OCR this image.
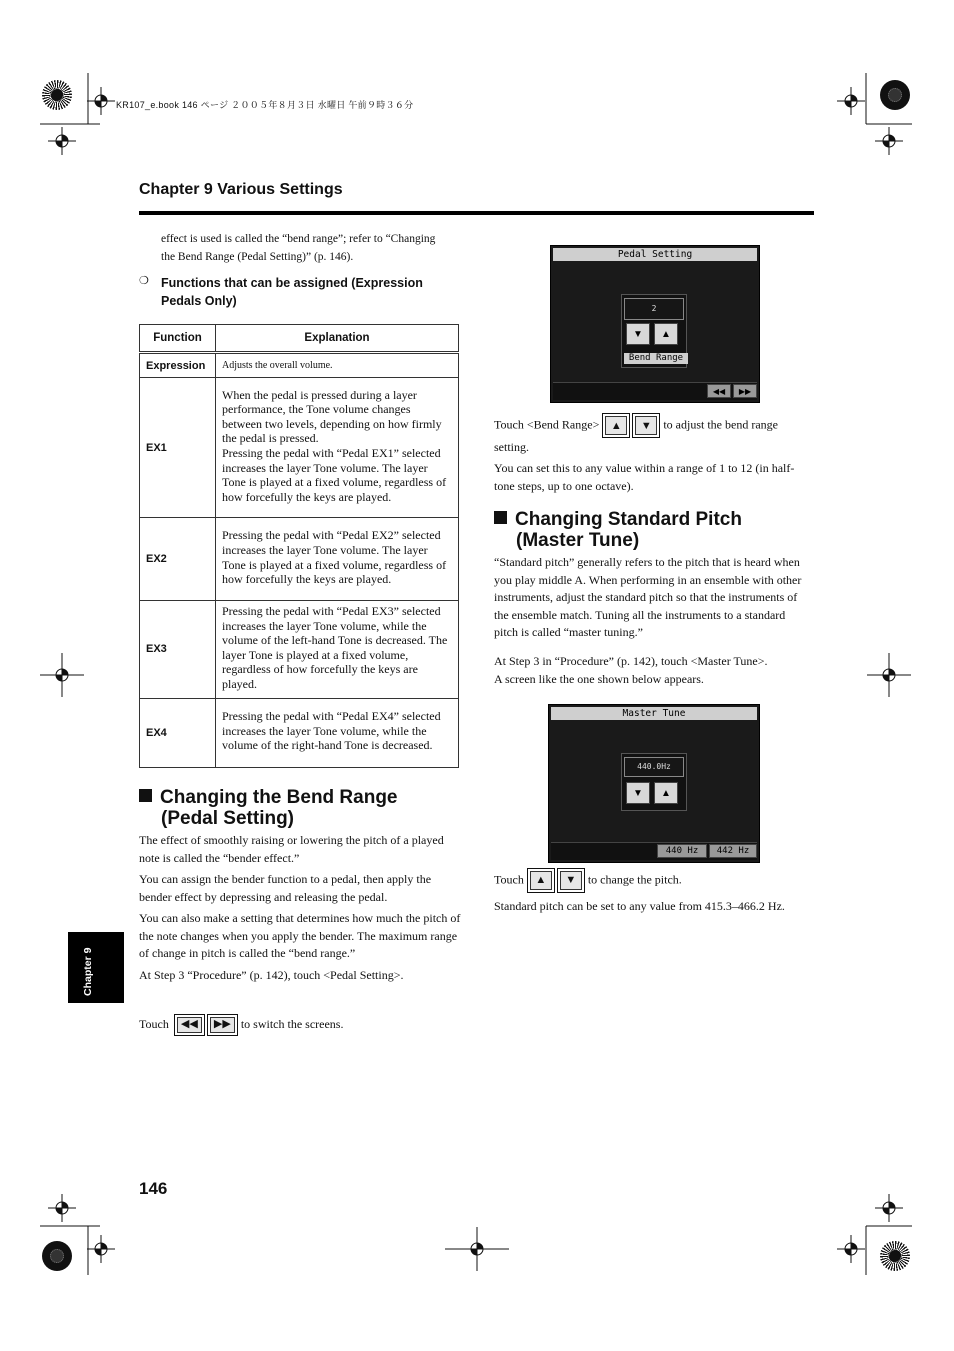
KR107_e.book 146 ページ ２００５年８月３日 水曜日 午前９時３６分
Chapter 9 Various Settings

effect is used is called the “bend range”; refer to “Changing the Bend Range (Pedal Setting)” (p. 146).

❍ Functions that can be assigned (Expression Pedals Only)
Function	Explanation
Expression	Adjusts the overall volume.
EX1	When the pedal is pressed during a layer performance, the Tone volume changes between two levels, depending on how firmly the pedal is pressed.
Pressing the pedal with “Pedal EX1” selected increases the layer Tone volume. The layer Tone is played at a fixed volume, regardless of how forcefully the keys are played.
EX2	Pressing the pedal with “Pedal EX2” selected increases the layer Tone volume. The layer Tone is played at a fixed volume, regardless of how forcefully the keys are played.
EX3	Pressing the pedal with “Pedal EX3” selected increases the layer Tone volume, while the volume of the left-hand Tone is decreased. The layer Tone is played at a fixed volume, regardless of how forcefully the keys are played.
EX4	Pressing the pedal with “Pedal EX4” selected increases the layer Tone volume, while the volume of the right-hand Tone is decreased.
Changing the Bend Range
(Pedal Setting)

The effect of smoothly raising or lowering the pitch of a played note is called the “bender effect.”

You can assign the bender function to a pedal, then apply the bender effect by depressing and releasing the pedal.

You can also make a setting that determines how much the pitch of the note changes when you apply the bender. The maximum range of change in pitch is called the “bend range.”

At Step 3 “Procedure” (p. 142), touch <Pedal Setting>.

Touch ◀◀ ▶▶ to switch the screens.
Pedal Setting
2
▼	▲
Bend Range
◀◀	▶▶
Touch <Bend Range> ▲ ▼ to adjust the bend range setting.

You can set this to any value within a range of 1 to 12 (in half-tone steps, up to one octave).

Changing Standard Pitch
(Master Tune)

“Standard pitch” generally refers to the pitch that is heard when you play middle A. When performing in an ensemble with other instruments, adjust the standard pitch so that the instruments of the ensemble match. Tuning all the instruments to a standard pitch is called “master tuning.”

At Step 3 in “Procedure” (p. 142), touch <Master Tune>.

A screen like the one shown below appears.

Master Tune
440.0Hz
▼	▲
440 Hz	442 Hz
Touch ▲ ▼ to change the pitch.

Standard pitch can be set to any value from 415.3–466.2 Hz.

Chapter 9
146
